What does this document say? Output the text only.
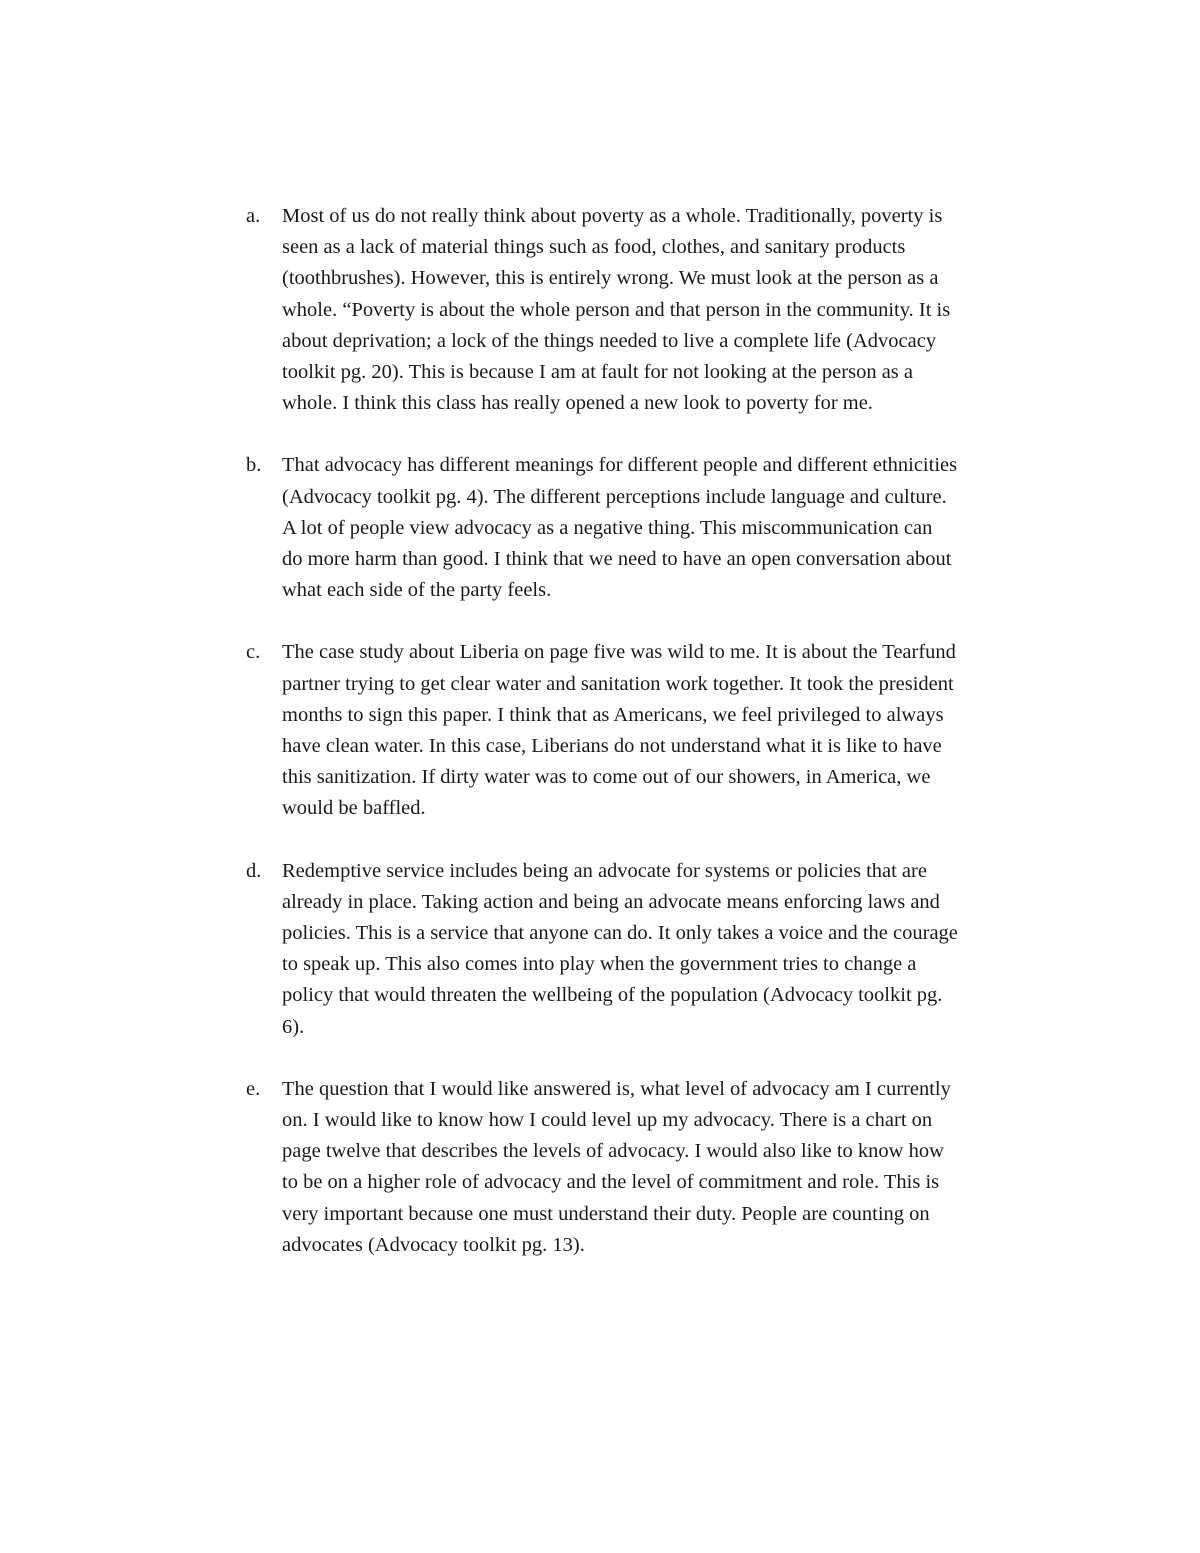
a.	Most of us do not really think about poverty as a whole. Traditionally, poverty is
seen as a lack of material things such as food, clothes, and sanitary products
(toothbrushes). However, this is entirely wrong. We must look at the person as a
whole. “Poverty is about the whole person and that person in the community. It is
about deprivation; a lock of the things needed to live a complete life (Advocacy
toolkit pg. 20). This is because I am at fault for not looking at the person as a
whole. I think this class has really opened a new look to poverty for me.
b.	That advocacy has different meanings for different people and different ethnicities
(Advocacy toolkit pg. 4). The different perceptions include language and culture.
A lot of people view advocacy as a negative thing. This miscommunication can
do more harm than good. I think that we need to have an open conversation about
what each side of the party feels.
c.	The case study about Liberia on page five was wild to me. It is about the Tearfund
partner trying to get clear water and sanitation work together. It took the president
months to sign this paper. I think that as Americans, we feel privileged to always
have clean water. In this case, Liberians do not understand what it is like to have
this sanitization. If dirty water was to come out of our showers, in America, we
would be baffled.
d.	Redemptive service includes being an advocate for systems or policies that are
already in place. Taking action and being an advocate means enforcing laws and
policies. This is a service that anyone can do. It only takes a voice and the courage
to speak up. This also comes into play when the government tries to change a
policy that would threaten the wellbeing of the population (Advocacy toolkit pg.
6).
e.	The question that I would like answered is, what level of advocacy am I currently
on. I would like to know how I could level up my advocacy. There is a chart on
page twelve that describes the levels of advocacy. I would also like to know how
to be on a higher role of advocacy and the level of commitment and role. This is
very important because one must understand their duty. People are counting on
advocates (Advocacy toolkit pg. 13).
